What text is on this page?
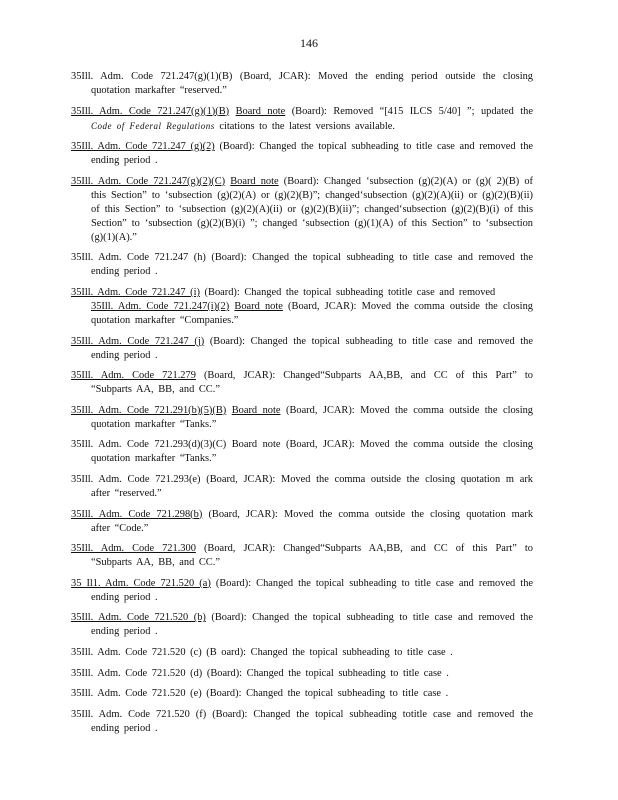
146

35Ill. Adm. Code 721.247(g)(1)(B) (Board, JCAR): Moved the ending period outside the closing quotation markafter “reserved.”

35Ill. Adm. Code 721.247(g)(1)(B) Board note (Board): Removed “[415 ILCS 5/40] ”; updated the Code of Federal Regulations citations to the latest versions available.

35Ill. Adm. Code 721.247 (g)(2) (Board): Changed the topical subheading to title case and removed the ending period .

35Ill. Adm. Code 721.247(g)(2)(C) Board note (Board): Changed ‘subsection (g)(2)(A) or (g)( 2)(B) of this Section” to ‘subsection (g)(2)(A) or (g)(2)(B)”; changed‘subsection (g)(2)(A)(ii) or (g)(2)(B)(ii) of this Section” to ‘subsection (g)(2)(A)(ii) or (g)(2)(B)(ii)”; changed‘subsection (g)(2)(B)(i) of this Section” to ‘subsection (g)(2)(B)(i) ”; changed ‘subsection (g)(1)(A) of this Section” to ‘subsection (g)(1)(A).”

35Ill. Adm. Code 721.247 (h) (Board): Changed the topical subheading to title case and removed the ending period .

35Ill. Adm. Code 721.247 (i) (Board): Changed the topical subheading totitle case and removed
35Ill. Adm. Code 721.247(i)(2) Board note (Board, JCAR): Moved the comma outside the closing quotation markafter “Companies.”

35Ill. Adm. Code 721.247 (j) (Board): Changed the topical subheading to title case and removed the ending period .

35Ill. Adm. Code 721.279 (Board, JCAR): Changed“Subparts AA,BB, and CC of this Part” to “Subparts AA, BB, and CC.”

35Ill. Adm. Code 721.291(b)(5)(B) Board note (Board, JCAR): Moved the comma outside the closing quotation markafter “Tanks.”

35Ill. Adm. Code 721.293(d)(3)(C) Board note (Board, JCAR): Moved the comma outside the closing quotation markafter “Tanks.”

35Ill. Adm. Code 721.293(e) (Board, JCAR): Moved the comma outside the closing quotation m ark after “reserved.”

35Ill. Adm. Code 721.298(b) (Board, JCAR): Moved the comma outside the closing quotation mark after “Code.”

35Ill. Adm. Code 721.300 (Board, JCAR): Changed“Subparts AA,BB, and CC of this Part” to “Subparts AA, BB, and CC.”

35 Il1. Adm. Code 721.520 (a) (Board): Changed the topical subheading to title case and removed the ending period .

35Ill. Adm. Code 721.520 (b) (Board): Changed the topical subheading to title case and removed the ending period .

35Ill. Adm. Code 721.520 (c) (B oard): Changed the topical subheading to title case .

35Ill. Adm. Code 721.520 (d) (Board): Changed the topical subheading to title case .

35Ill. Adm. Code 721.520 (e) (Board): Changed the topical subheading to title case .

35Ill. Adm. Code 721.520 (f) (Board): Changed the topical subheading totitle case and removed the ending period .
